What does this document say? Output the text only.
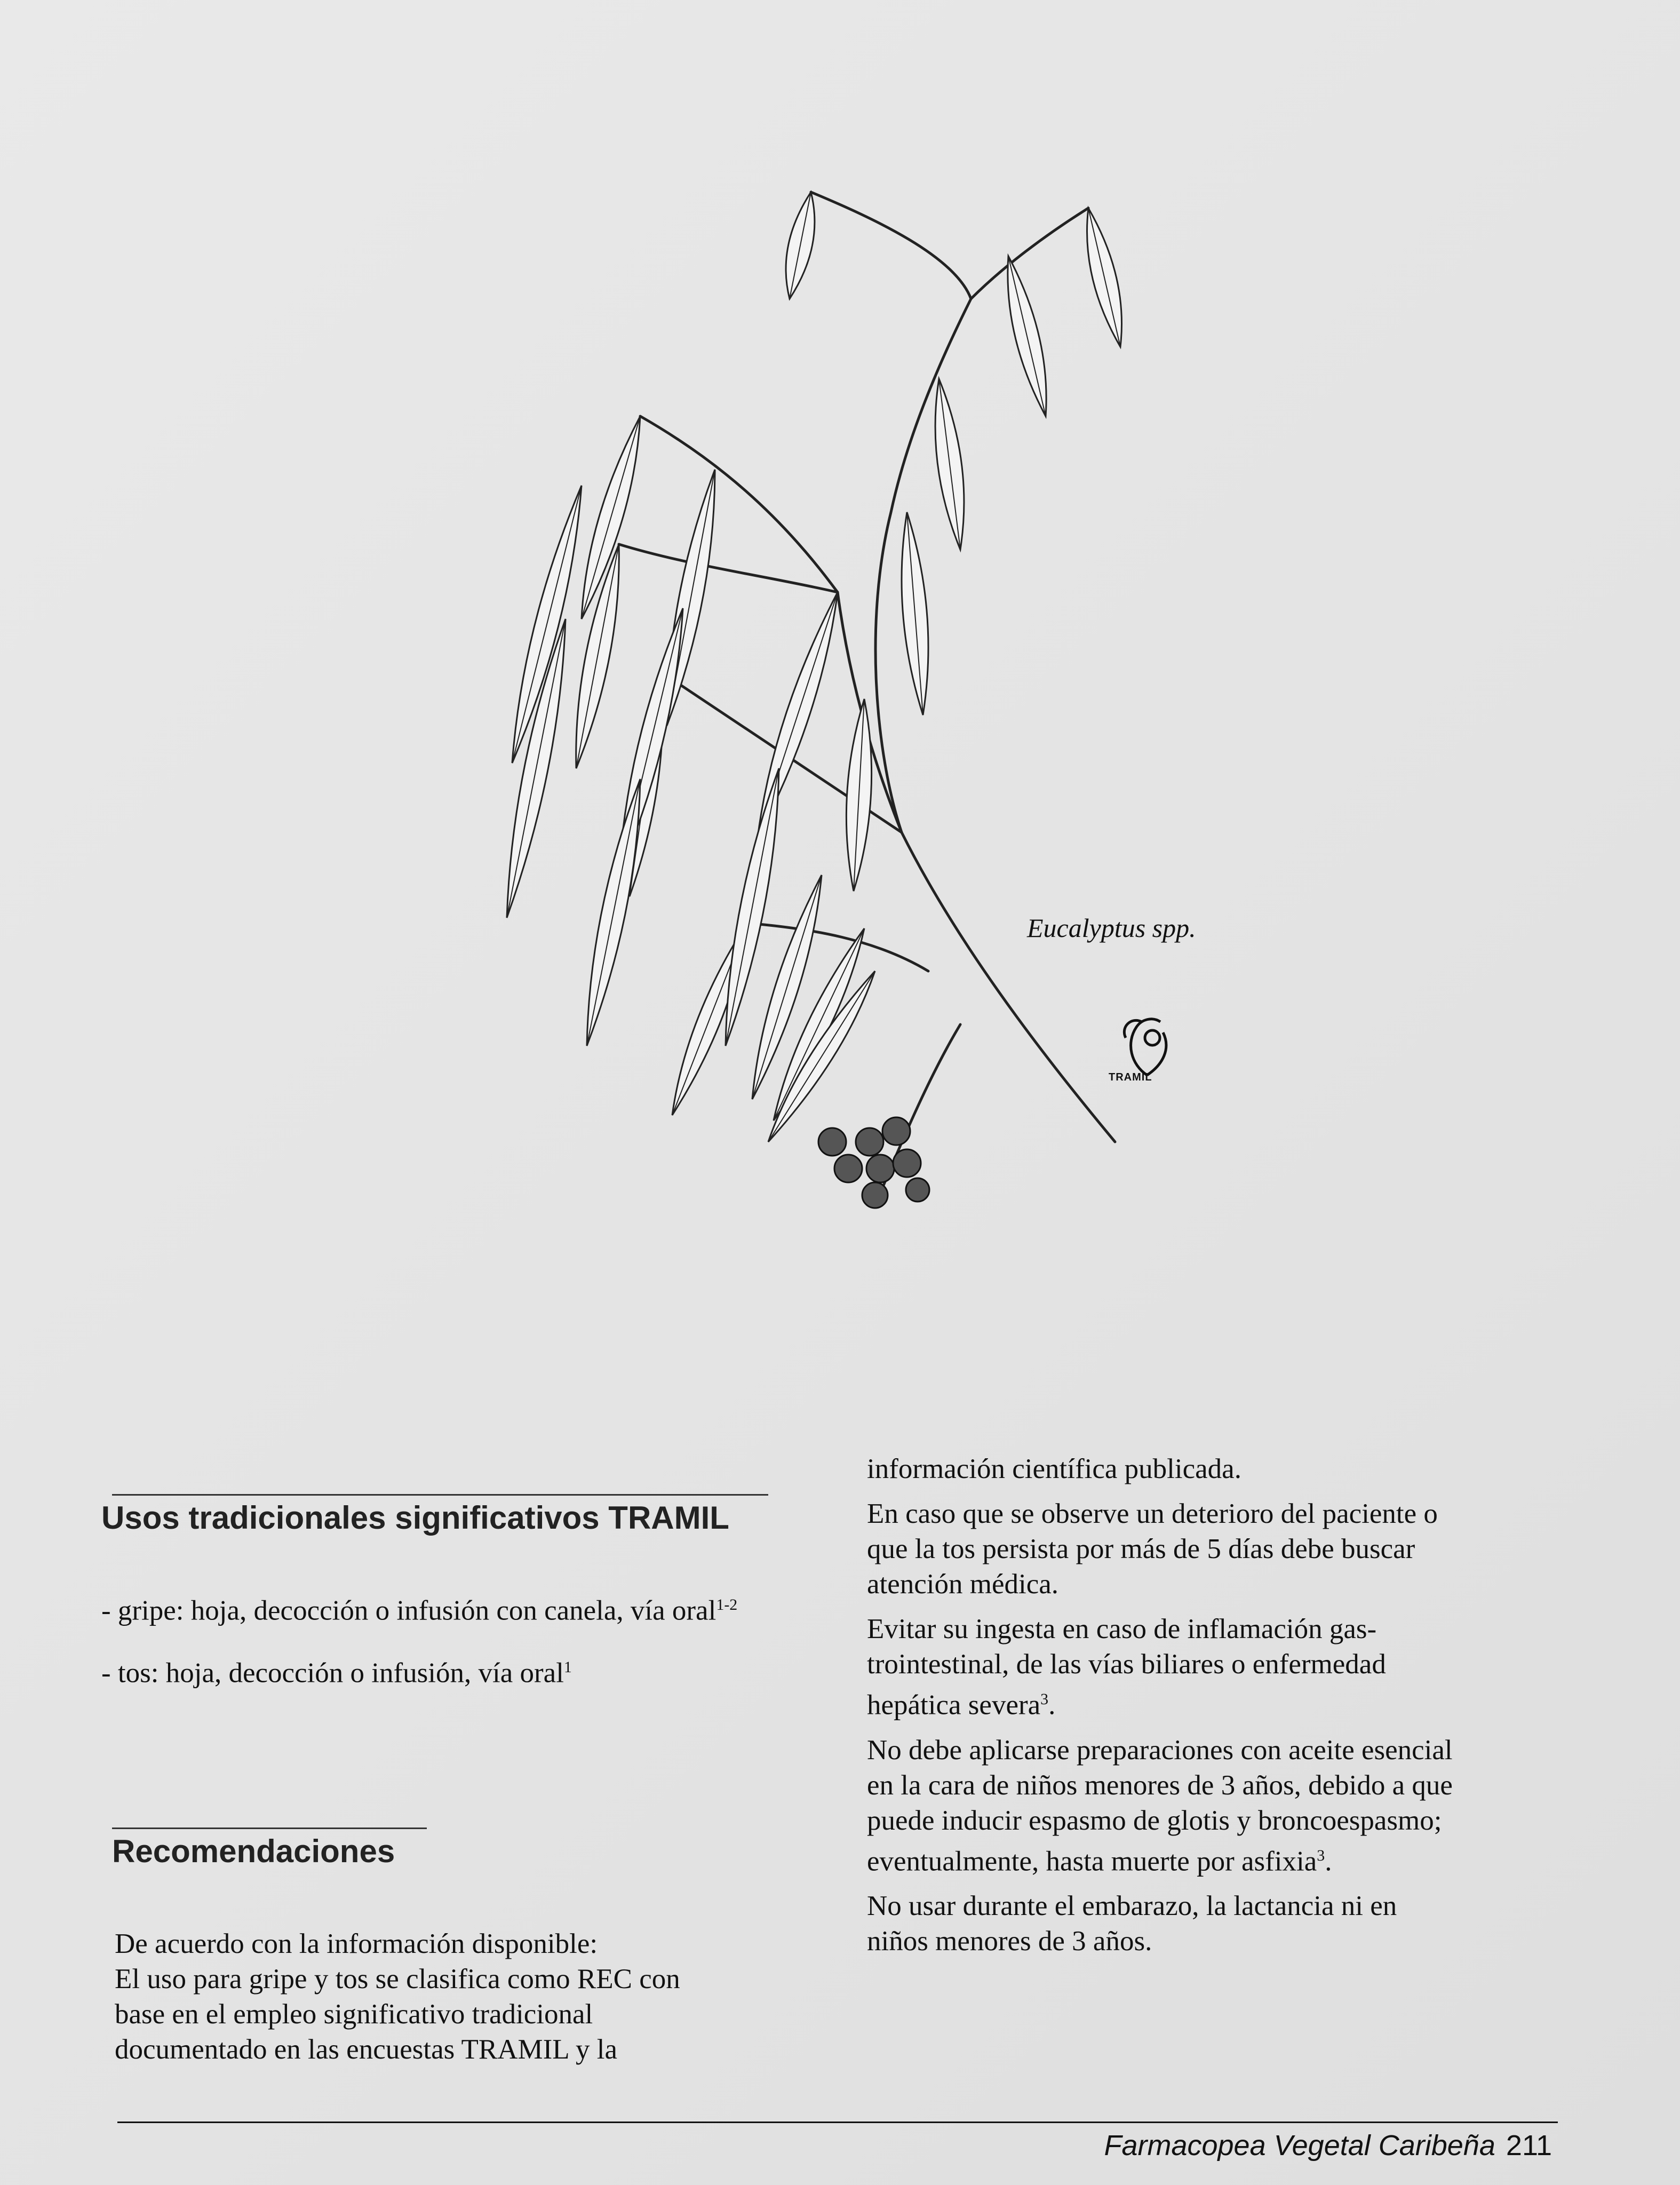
Eucalyptus spp.
TRAMIL
Usos tradicionales significativos TRAMIL
- gripe: hoja, decocción o infusión con canela, vía oral$^{1-2}$
- tos: hoja, decocción o infusión, vía oral$^1$
Recomendaciones
De acuerdo con la información disponible:
El uso para gripe y tos se clasifica como REC con
base en el empleo significativo tradicional
documentado en las encuestas TRAMIL y la

información científica publicada.

En caso que se observe un deterioro del paciente o
que la tos persista por más de 5 días debe buscar
atención médica.

Evitar su ingesta en caso de inflamación gas-
trointestinal, de las vías biliares o enfermedad
hepática severa$^3$.

No debe aplicarse preparaciones con aceite esencial
en la cara de niños menores de 3 años, debido a que
puede inducir espasmo de glotis y broncoespasmo;
eventualmente, hasta muerte por asfixia$^3$.

No usar durante el embarazo, la lactancia ni en
niños menores de 3 años.

Farmacopea Vegetal Caribeña 211
